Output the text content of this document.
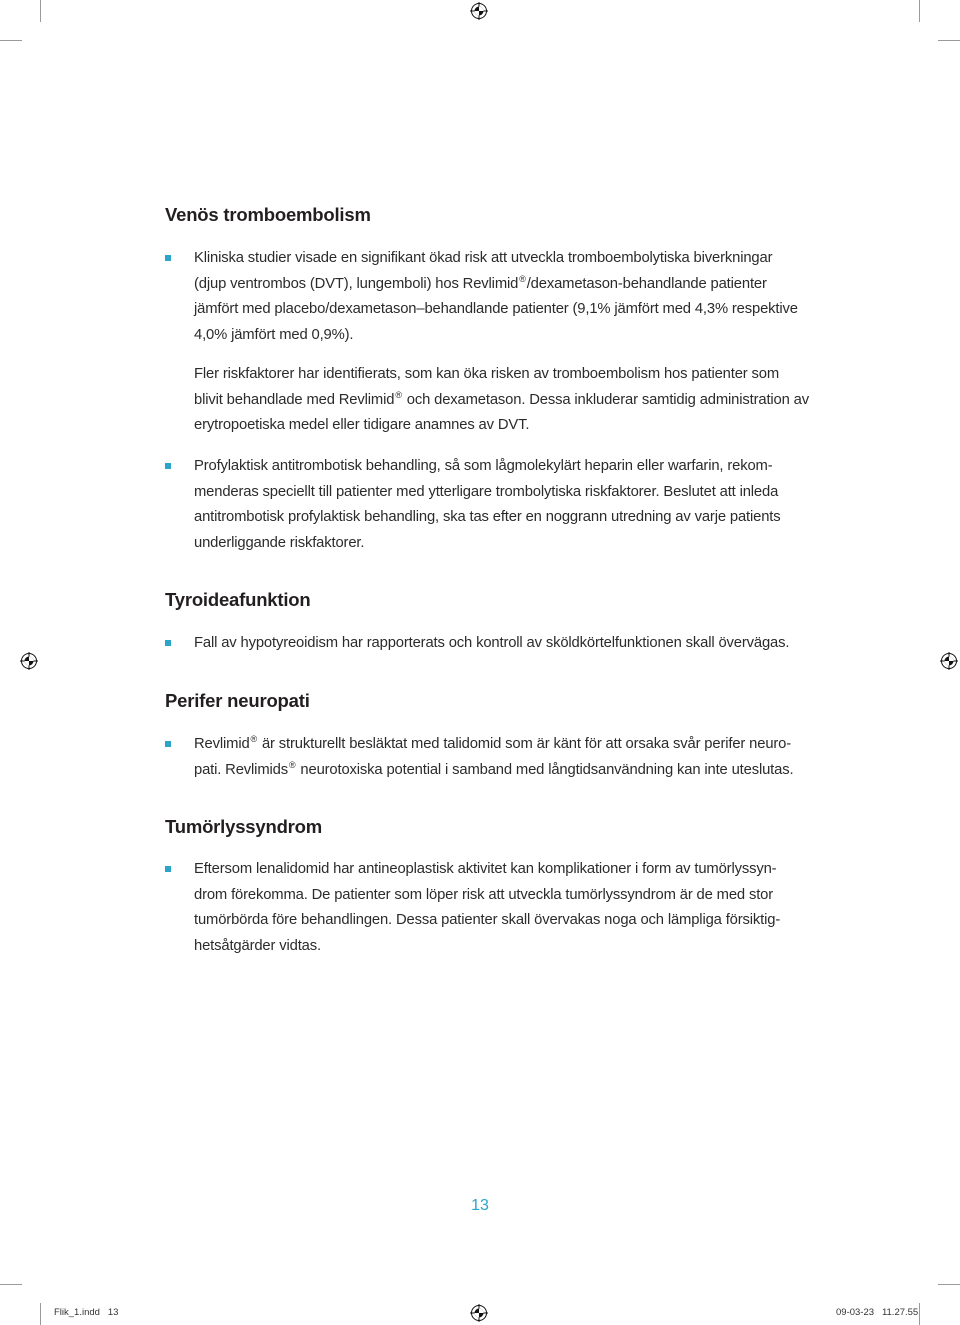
Venös tromboembolism

Kliniska studier visade en signifikant ökad risk att utveckla tromboembolytiska biverkningar
(djup ventrombos (DVT), lungemboli) hos Revlimid®/dexametason-behandlande patienter
jämfört med placebo/dexametason–behandlande patienter (9,1% jämfört med 4,3% respektive
4,0% jämfört med 0,9%).

Fler riskfaktorer har identifierats, som kan öka risken av tromboembolism hos patienter som
blivit behandlade med Revlimid® och dexametason. Dessa inkluderar samtidig administration av
erytropoetiska medel eller tidigare anamnes av DVT.

Profylaktisk antitrombotisk behandling, så som lågmolekylärt heparin eller warfarin, rekom-
menderas speciellt till patienter med ytterligare trombolytiska riskfaktorer. Beslutet att inleda
antitrombotisk profylaktisk behandling, ska tas efter en noggrann utredning av varje patients
underliggande riskfaktorer.

Tyroideafunktion

Fall av hypotyreoidism har rapporterats och kontroll av sköldkörtelfunktionen skall övervägas.

Perifer neuropati

Revlimid® är strukturellt besläktat med talidomid som är känt för att orsaka svår perifer neuro-
pati. Revlimids® neurotoxiska potential i samband med långtidsanvändning kan inte uteslutas.

Tumörlyssyndrom

Eftersom lenalidomid har antineoplastisk aktivitet kan komplikationer i form av tumörlyssyn-
drom förekomma. De patienter som löper risk att utveckla tumörlyssyndrom är de med stor
tumörbörda före behandlingen. Dessa patienter skall övervakas noga och lämpliga försiktig-
hetsåtgärder vidtas.

13
Flik_1.indd   13	09-03-23   11.27.55
